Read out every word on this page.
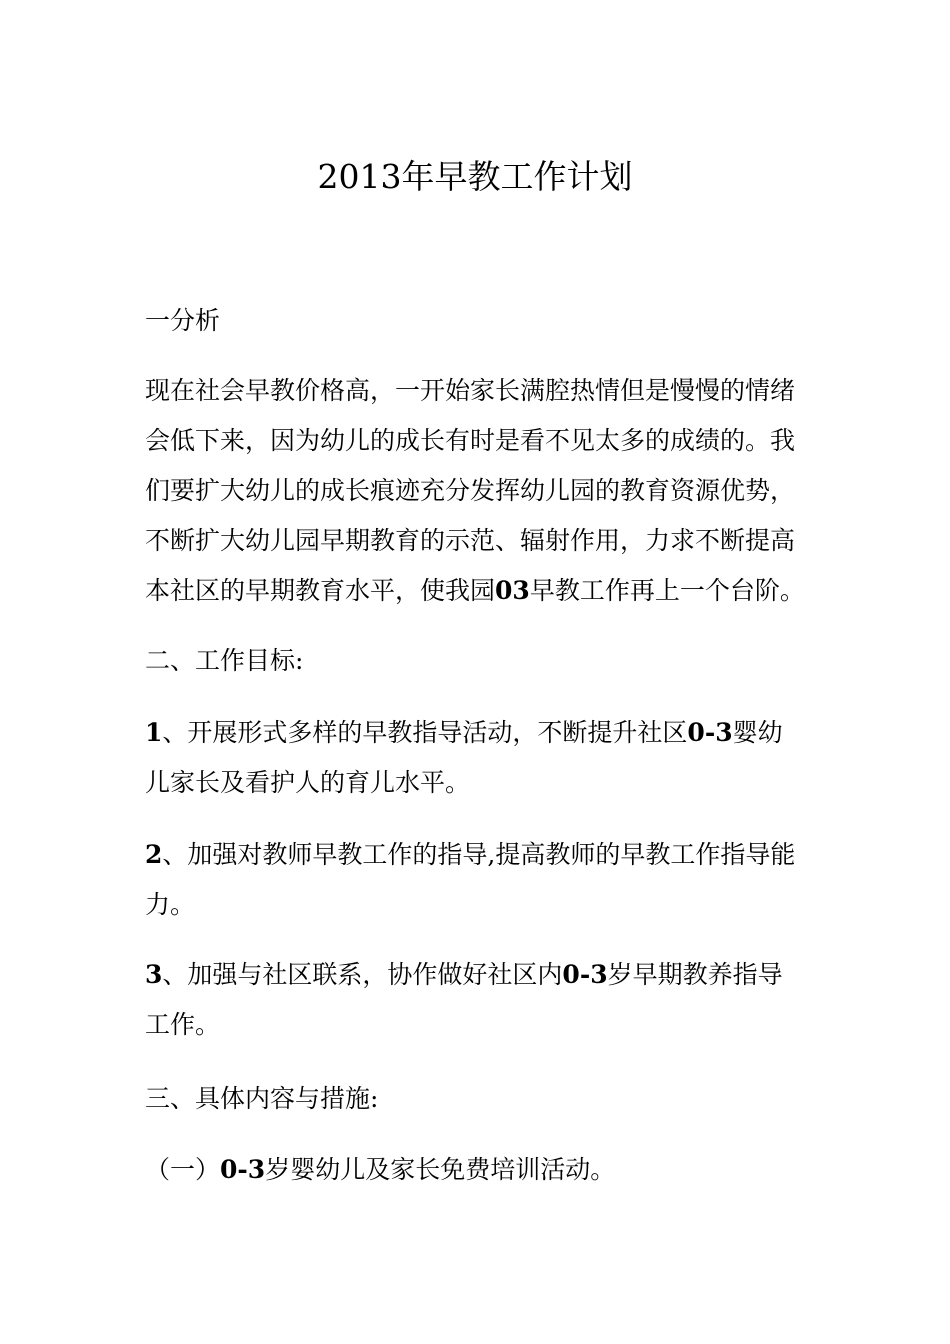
2013年早教工作计划
一分析
现在社会早教价格高，一开始家长满腔热情但是慢慢的情绪
会低下来，因为幼儿的成长有时是看不见太多的成绩的。我
们要扩大幼儿的成长痕迹充分发挥幼儿园的教育资源优势，
不断扩大幼儿园早期教育的示范、辐射作用，力求不断提高
本社区的早期教育水平，使我园03早教工作再上一个台阶。
二、工作目标:
1、开展形式多样的早教指导活动，不断提升社区0-3婴幼
儿家长及看护人的育儿水平。
2、加强对教师早教工作的指导,提高教师的早教工作指导能
力。
3、加强与社区联系，协作做好社区内0-3岁早期教养指导
工作。
三、具体内容与措施:
（一）0-3岁婴幼儿及家长免费培训活动。
